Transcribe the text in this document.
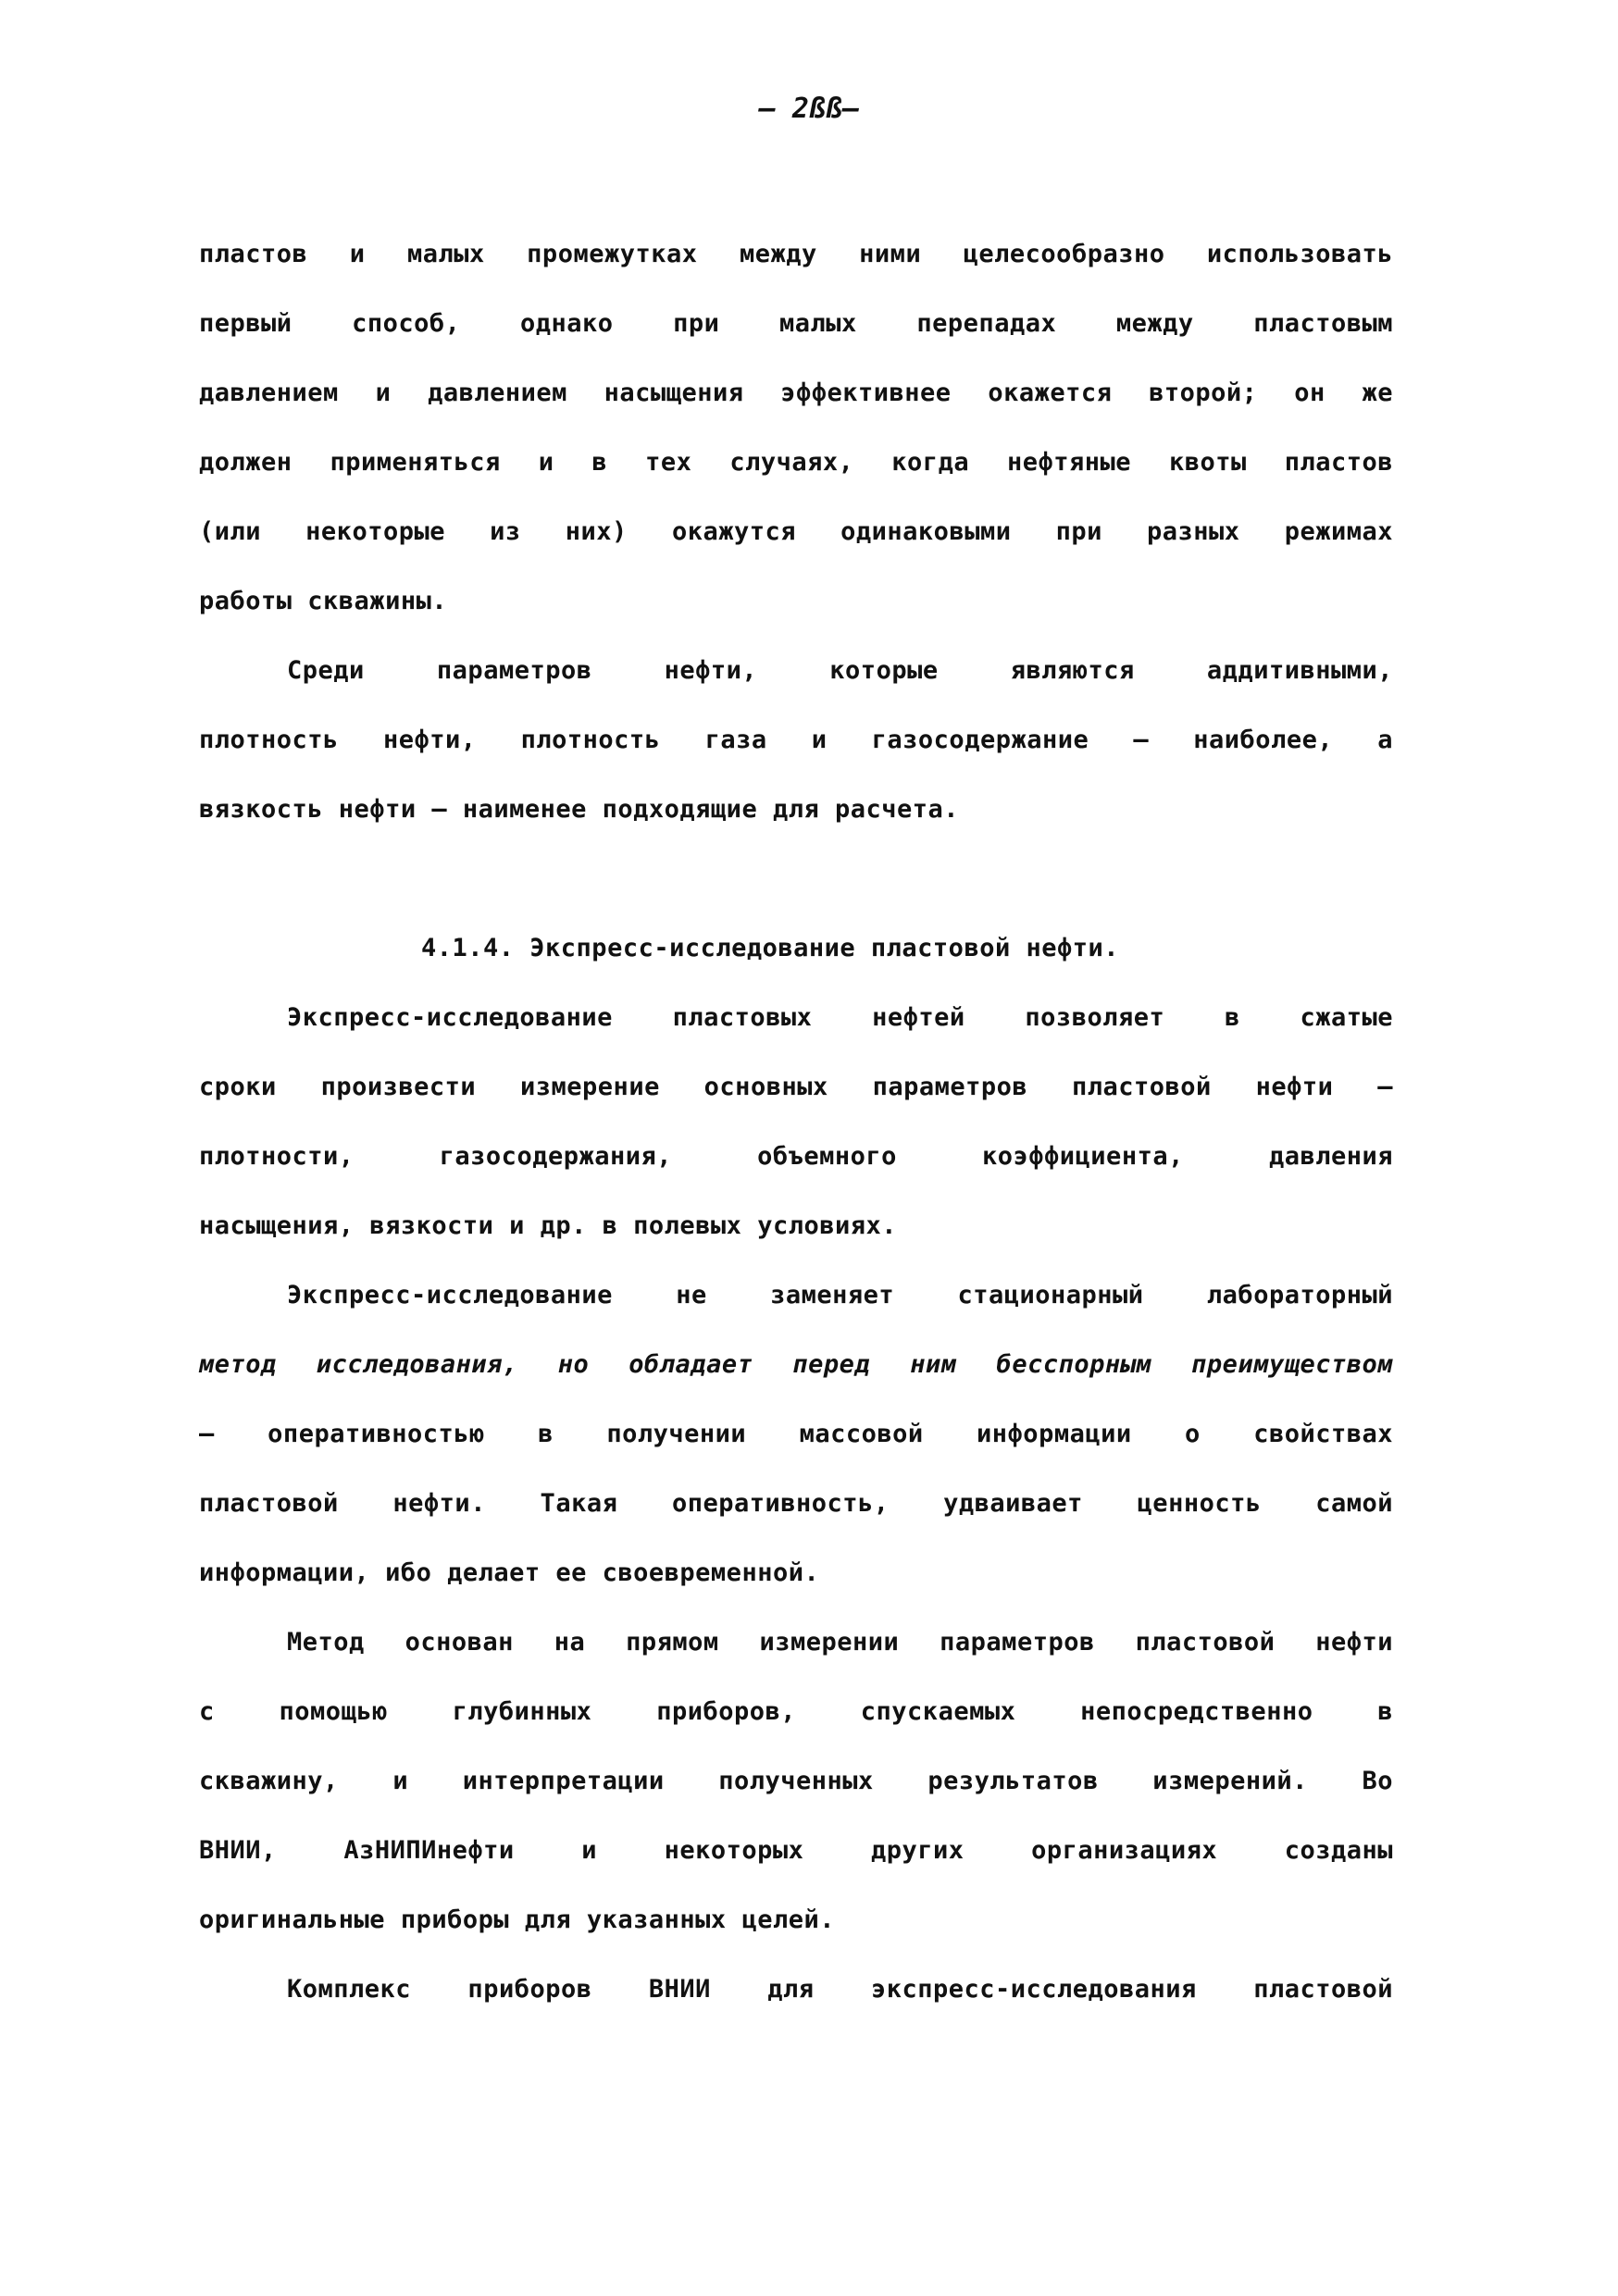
– 2ßß–
пластов и малых промежутках между ними целесообразно использовать
первый способ, однако при малых перепадах между пластовым
давлением и давлением насыщения эффективнее окажется второй; он же
должен применяться и в тех случаях, когда нефтяные квоты пластов
(или некоторые из них) окажутся одинаковыми при разных режимах
работы скважины.
Среди параметров нефти, которые являются аддитивными,
плотность нефти, плотность газа и газосодержание – наиболее, а
вязкость нефти – наименее подходящие для расчета.
4.1.4. Экспресс-исследование пластовой нефти.
Экспресс-исследование пластовых нефтей позволяет в сжатые
сроки произвести измерение основных параметров пластовой нефти –
плотности, газосодержания, объемного коэффициента, давления
насыщения, вязкости и др. в полевых условиях.
Экспресс-исследование не заменяет стационарный лабораторный
метод исследования, но обладает перед ним бесспорным преимуществом
– оперативностью в получении массовой информации о свойствах
пластовой нефти. Такая оперативность, удваивает ценность самой
информации, ибо делает ее своевременной.
Метод основан на прямом измерении параметров пластовой нефти
с помощью глубинных приборов, спускаемых непосредственно в
скважину, и интерпретации полученных результатов измерений. Во
ВНИИ, АзНИПИнефти и некоторых других организациях созданы
оригинальные приборы для указанных целей.
Комплекс приборов ВНИИ для экспресс-исследования пластовой
